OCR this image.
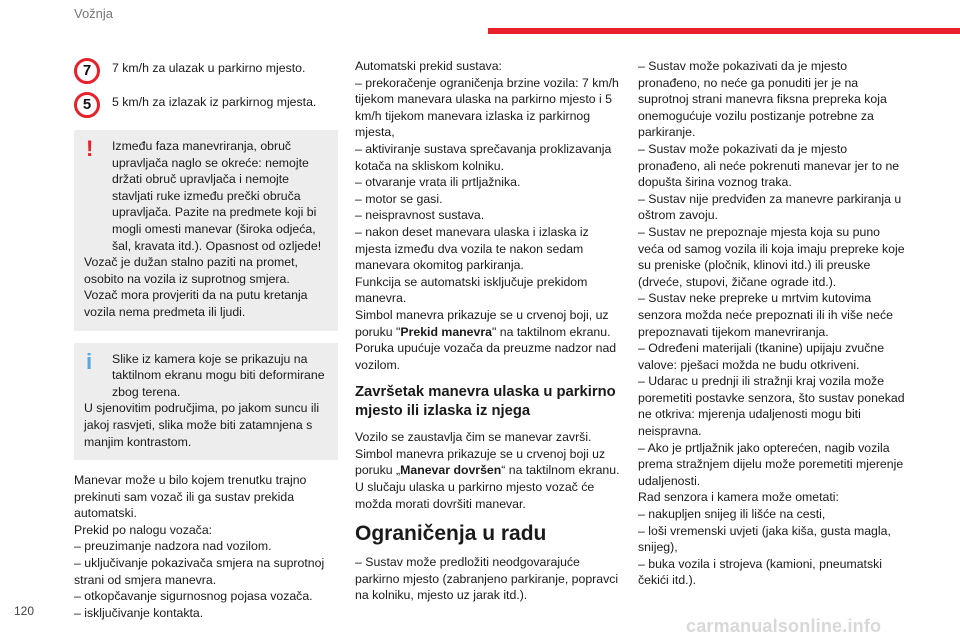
Vožnja
7	7 km/h za ulazak u parkirno mjesto.
5	5 km/h za izlazak iz parkirnog mjesta.
!	Između faza manevriranja, obruč upravljača naglo se okreće: nemojte držati obruč upravljača i nemojte stavljati ruke između prečki obruča upravljača. Pazite na predmete koji bi mogli omesti manevar (široka odjeća, šal, kravata itd.). Opasnost od ozljede!

Vozač je dužan stalno paziti na promet, osobito na vozila iz suprotnog smjera.

Vozač mora provjeriti da na putu kretanja vozila nema predmeta ili ljudi.

i	Slike iz kamera koje se prikazuju na taktilnom ekranu mogu biti deformirane zbog terena.

U sjenovitim područjima, po jakom suncu ili jakoj rasvjeti, slika može biti zatamnjena s manjim kontrastom.

Manevar može u bilo kojem trenutku trajno prekinuti sam vozač ili ga sustav prekida automatski.

Prekid po nalogu vozača:

– preuzimanje nadzora nad vozilom.

– uključivanje pokazivača smjera na suprotnoj strani od smjera manevra.

– otkopčavanje sigurnosnog pojasa vozača.

– isključivanje kontakta.

Automatski prekid sustava:

– prekoračenje ograničenja brzine vozila: 7 km/h tijekom manevara ulaska na parkirno mjesto i 5 km/h tijekom manevara izlaska iz parkirnog mjesta,

– aktiviranje sustava sprečavanja proklizavanja kotača na skliskom kolniku.

– otvaranje vrata ili prtljažnika.

– motor se gasi.

– neispravnost sustava.

– nakon deset manevara ulaska i izlaska iz mjesta između dva vozila te nakon sedam manevara okomitog parkiranja.

Funkcija se automatski isključuje prekidom manevra.

Simbol manevra prikazuje se u crvenoj boji, uz poruku "Prekid manevra" na taktilnom ekranu.

Poruka upućuje vozača da preuzme nadzor nad vozilom.

Završetak manevra ulaska u parkirno mjesto ili izlaska iz njega

Vozilo se zaustavlja čim se manevar završi.

Simbol manevra prikazuje se u crvenoj boji uz poruku „Manevar dovršen“ na taktilnom ekranu.

U slučaju ulaska u parkirno mjesto vozač će možda morati dovršiti manevar.

Ograničenja u radu

– Sustav može predložiti neodgovarajuće parkirno mjesto (zabranjeno parkiranje, popravci na kolniku, mjesto uz jarak itd.).

– Sustav može pokazivati da je mjesto pronađeno, no neće ga ponuditi jer je na suprotnoj strani manevra fiksna prepreka koja onemogućuje vozilu postizanje potrebne za parkiranje.

– Sustav može pokazivati da je mjesto pronađeno, ali neće pokrenuti manevar jer to ne dopušta širina voznog traka.

– Sustav nije predviđen za manevre parkiranja u oštrom zavoju.

– Sustav ne prepoznaje mjesta koja su puno veća od samog vozila ili koja imaju prepreke koje su preniske (pločnik, klinovi itd.) ili preuske (drveće, stupovi, žičane ograde itd.).

– Sustav neke prepreke u mrtvim kutovima senzora možda neće prepoznati ili ih više neće prepoznavati tijekom manevriranja.

– Određeni materijali (tkanine) upijaju zvučne valove: pješaci možda ne budu otkriveni.

– Udarac u prednji ili stražnji kraj vozila može poremetiti postavke senzora, što sustav ponekad ne otkriva: mjerenja udaljenosti mogu biti neispravna.

– Ako je prtljažnik jako opterećen, nagib vozila prema stražnjem dijelu može poremetiti mjerenje udaljenosti.

Rad senzora i kamera može ometati:

– nakupljen snijeg ili lišće na cesti,

– loši vremenski uvjeti (jaka kiša, gusta magla, snijeg),

– buka vozila i strojeva (kamioni, pneumatski čekići itd.).

120
carmanualsonline.info
